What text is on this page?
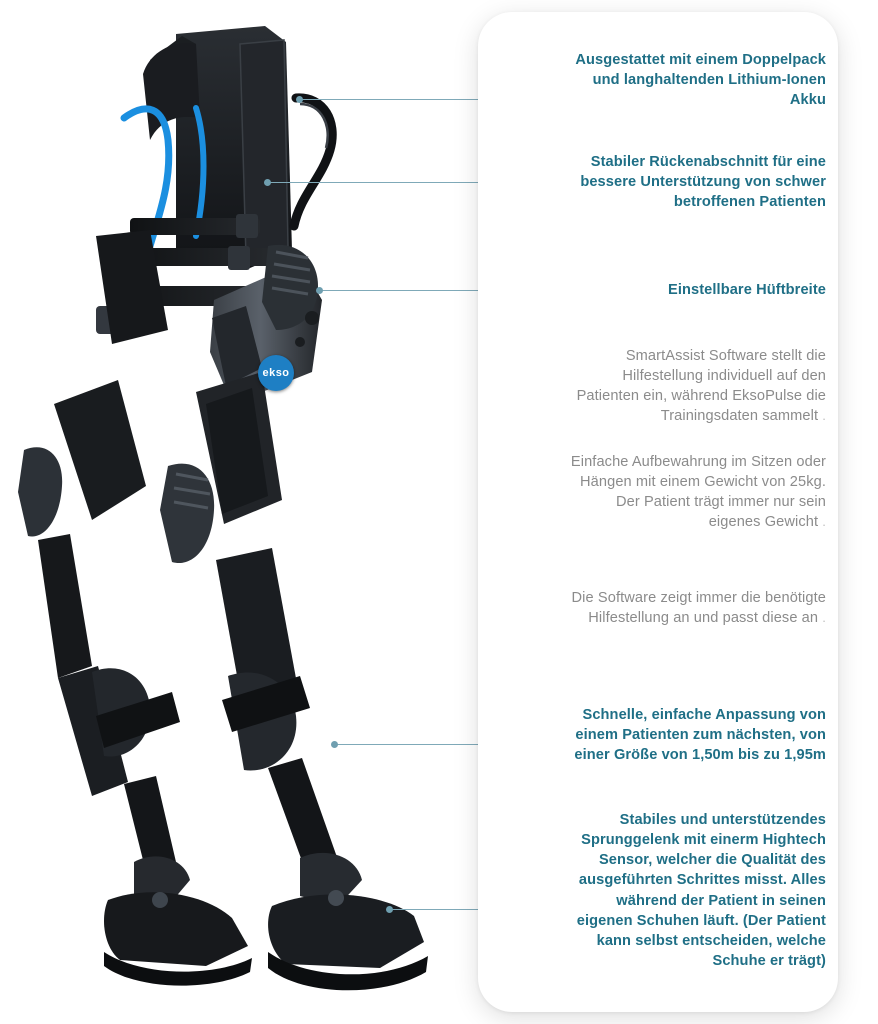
ekso
Ausgestattet mit einem Doppelpack und langhaltenden Lithium-Ionen Akku
Stabiler Rückenabschnitt für eine bessere Unterstützung von schwer betroffenen Patienten
Einstellbare Hüftbreite
SmartAssist Software stellt die Hilfestellung individuell auf den Patienten ein, während EksoPulse die Trainingsdaten sammelt .
Einfache Aufbewahrung im Sitzen oder Hängen mit einem Gewicht von 25kg. Der Patient trägt immer nur sein eigenes Gewicht .
Die Software zeigt immer die benötigte Hilfestellung an und passt diese an .
Schnelle, einfache Anpassung von einem Patienten zum nächsten, von einer Größe von 1,50m bis zu 1,95m
Stabiles und unterstützendes Sprunggelenk mit einerm Hightech Sensor, welcher die Qualität des ausgeführten Schrittes misst. Alles während der Patient in seinen eigenen Schuhen läuft. (Der Patient kann selbst entscheiden, welche Schuhe er trägt)
